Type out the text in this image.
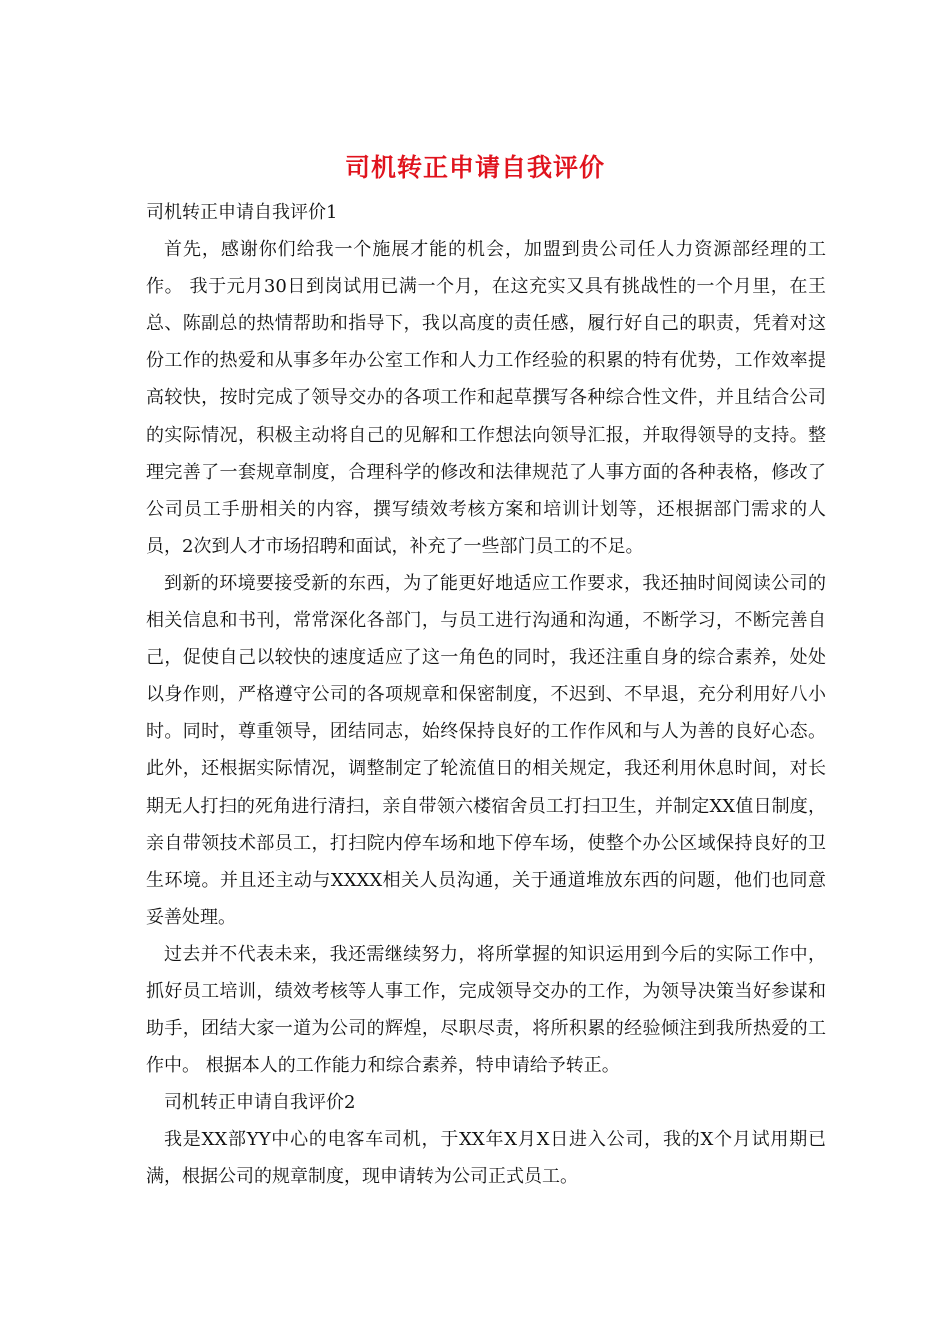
司机转正申请自我评价

司机转正申请自我评价1

首先，感谢你们给我一个施展才能的机会，加盟到贵公司任人力资源部经理的工作。 我于元月30日到岗试用已满一个月，在这充实又具有挑战性的一个月里，在王总、陈副总的热情帮助和指导下，我以高度的责任感，履行好自己的职责，凭着对这份工作的热爱和从事多年办公室工作和人力工作经验的积累的特有优势，工作效率提高较快，按时完成了领导交办的各项工作和起草撰写各种综合性文件，并且结合公司的实际情况，积极主动将自己的见解和工作想法向领导汇报，并取得领导的支持。整理完善了一套规章制度，合理科学的修改和法律规范了人事方面的各种表格，修改了公司员工手册相关的内容，撰写绩效考核方案和培训计划等，还根据部门需求的人员，2次到人才市场招聘和面试，补充了一些部门员工的不足。

到新的环境要接受新的东西，为了能更好地适应工作要求，我还抽时间阅读公司的相关信息和书刊，常常深化各部门，与员工进行沟通和沟通，不断学习，不断完善自己，促使自己以较快的速度适应了这一角色的同时，我还注重自身的综合素养，处处以身作则，严格遵守公司的各项规章和保密制度，不迟到、不早退，充分利用好八小时。同时，尊重领导，团结同志，始终保持良好的工作作风和与人为善的良好心态。此外，还根据实际情况，调整制定了轮流值日的相关规定，我还利用休息时间，对长期无人打扫的死角进行清扫，亲自带领六楼宿舍员工打扫卫生，并制定XX值日制度，亲自带领技术部员工，打扫院内停车场和地下停车场，使整个办公区域保持良好的卫生环境。并且还主动与XXXX相关人员沟通，关于通道堆放东西的问题，他们也同意妥善处理。

过去并不代表未来，我还需继续努力，将所掌握的知识运用到今后的实际工作中，抓好员工培训，绩效考核等人事工作，完成领导交办的工作，为领导决策当好参谋和助手，团结大家一道为公司的辉煌，尽职尽责，将所积累的经验倾注到我所热爱的工作中。 根据本人的工作能力和综合素养，特申请给予转正。

司机转正申请自我评价2

我是XX部YY中心的电客车司机，于XX年X月X日进入公司，我的X个月试用期已满，根据公司的规章制度，现申请转为公司正式员工。
